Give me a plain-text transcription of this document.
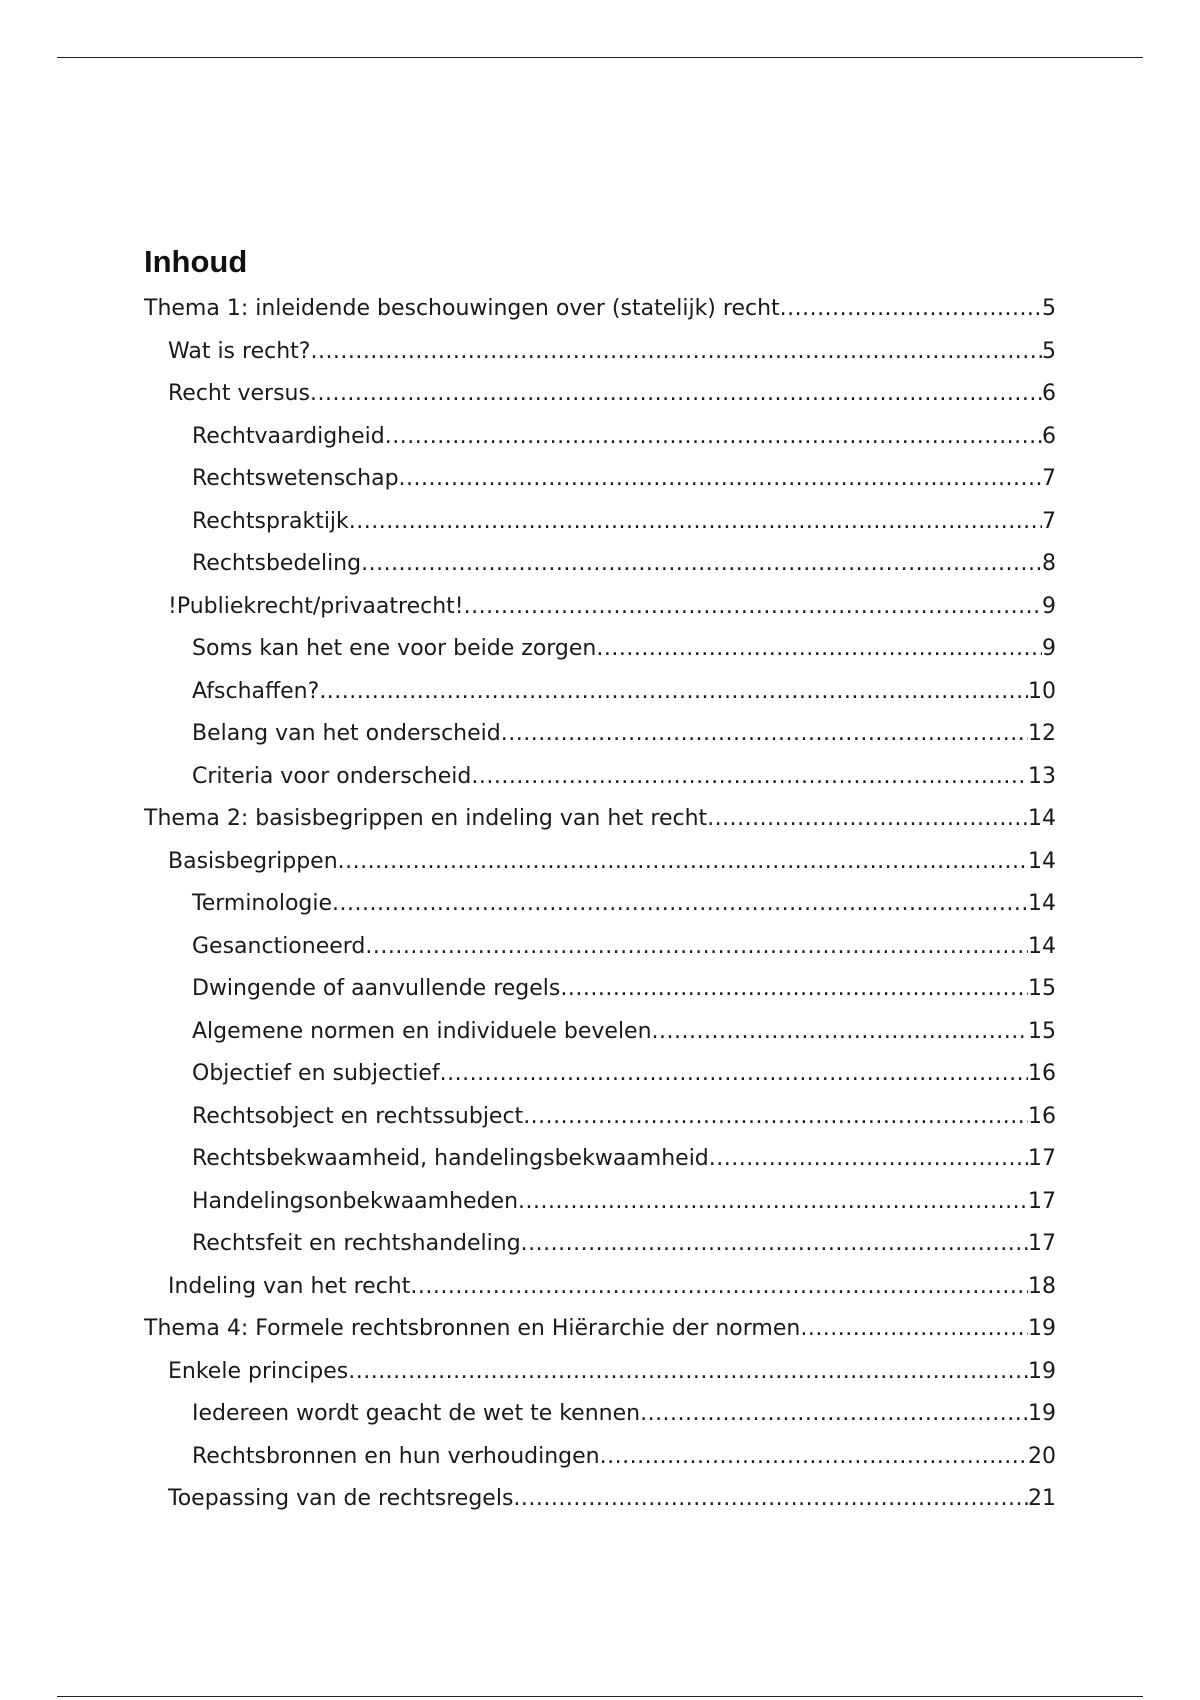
Inhoud
Thema 1: inleidende beschouwingen over (statelijk) recht .....	5
Wat is recht? .....	5
Recht versus .....	6
Rechtvaardigheid .....	6
Rechtswetenschap .....	7
Rechtspraktijk .....	7
Rechtsbedeling .....	8
!Publiekrecht/privaatrecht! .....	9
Soms kan het ene voor beide zorgen .....	9
Afschaffen? .....	10
Belang van het onderscheid .....	12
Criteria voor onderscheid .....	13
Thema 2: basisbegrippen en indeling van het recht .....	14
Basisbegrippen .....	14
Terminologie .....	14
Gesanctioneerd .....	14
Dwingende of aanvullende regels .....	15
Algemene normen en individuele bevelen .....	15
Objectief en subjectief .....	16
Rechtsobject en rechtssubject .....	16
Rechtsbekwaamheid, handelingsbekwaamheid .....	17
Handelingsonbekwaamheden .....	17
Rechtsfeit en rechtshandeling .....	17
Indeling van het recht .....	18
Thema 4: Formele rechtsbronnen en Hiërarchie der normen .....	19
Enkele principes .....	19
Iedereen wordt geacht de wet te kennen .....	19
Rechtsbronnen en hun verhoudingen .....	20
Toepassing van de rechtsregels .....	21
